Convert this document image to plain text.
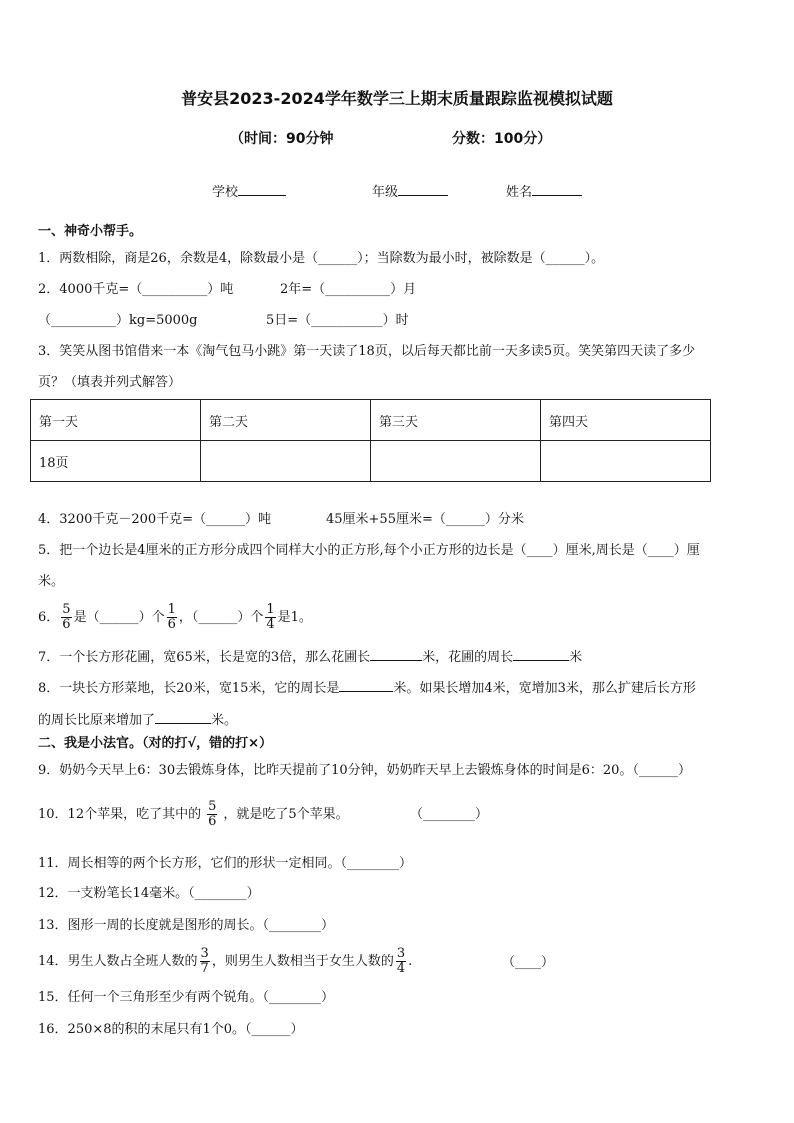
普安县2023-2024学年数学三上期末质量跟踪监视模拟试题
（时间：90分钟	分数：100分）
学校	年级	姓名
一、神奇小帮手。
1．两数相除，商是26，余数是4，除数最小是（______）；当除数为最小时，被除数是（______）。
2．4000千克=（__________）吨	2年=（__________）月
（__________）kg=5000g	5日=（___________）时
3．笑笑从图书馆借来一本《淘气包马小跳》第一天读了18页，以后每天都比前一天多读5页。笑笑第四天读了多少
页？（填表并列式解答）
第一天	第二天	第三天	第四天
18页			
4．3200千克－200千克=（______）吨	45厘米+55厘米=（______）分米
5．把一个边长是4厘米的正方形分成四个同样大小的正方形,每个小正方形的边长是（____）厘米,周长是（____）厘
米。
6． $\frac{5}{6}$ 是（______）个 $\frac{1}{6}$ ，（______）个 $\frac{1}{4}$ 是1。
7．一个长方形花圃，宽65米，长是宽的3倍，那么花圃长	米，花圃的周长	米
8．一块长方形菜地，长20米，宽15米，它的周长是	米。如果长增加4米，宽增加3米，那么扩建后长方形
的周长比原来增加了	米。
二、我是小法官。（对的打√，错的打×）
9．奶奶今天早上6：30去锻炼身体，比昨天提前了10分钟，奶奶昨天早上去锻炼身体的时间是6：20。（______）
10．12个苹果，吃了其中的 $\frac{5}{6}$ ，就是吃了5个苹果。	（________）
11．周长相等的两个长方形，它们的形状一定相同。（________）
12．一支粉笔长14毫米。（________）
13．图形一周的长度就是图形的周长。（________）
14．男生人数占全班人数的 $\frac{3}{7}$ ，则男生人数相当于女生人数的 $\frac{3}{4}$ .	（____）
15．任何一个三角形至少有两个锐角。（________）
16．250×8的积的末尾只有1个0。（______）
